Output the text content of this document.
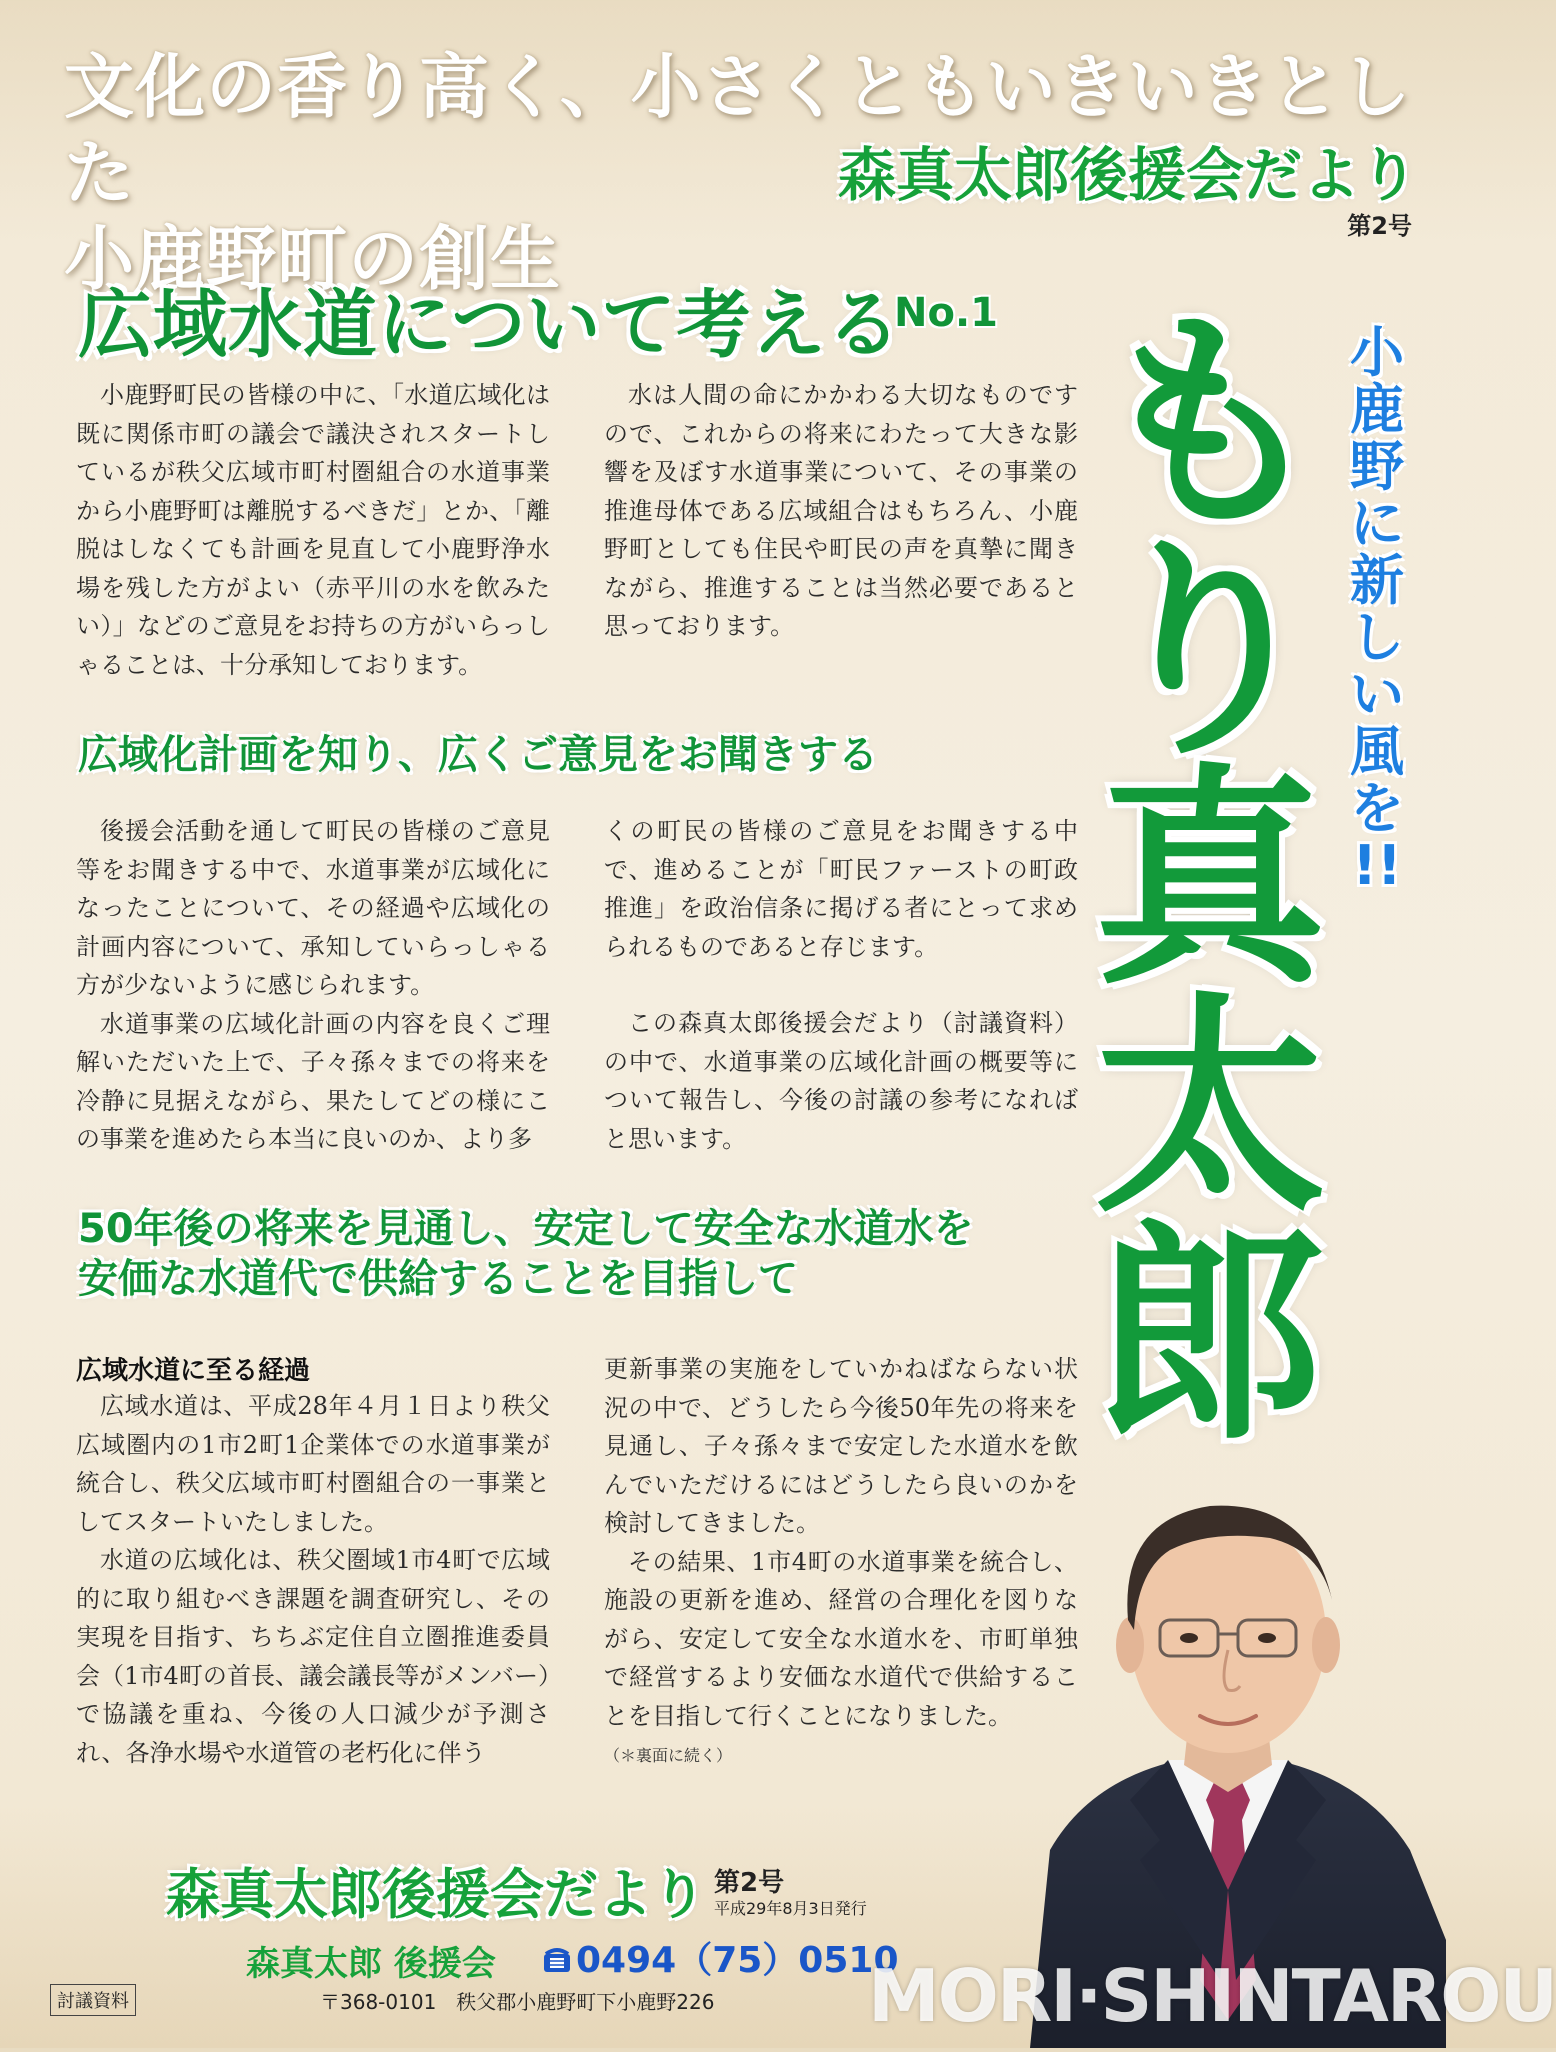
文化の香り高く、小さくともいきいきとした
小鹿野町の創生
森真太郎後援会だより
第2号
広域水道について考える
No.1
小鹿野町民の皆様の中に、「水道広域化は既に関係市町の議会で議決されスタートしているが秩父広域市町村圏組合の水道事業から小鹿野町は離脱するべきだ」とか、「離脱はしなくても計画を見直して小鹿野浄水場を残した方がよい（赤平川の水を飲みたい）」などのご意見をお持ちの方がいらっしゃることは、十分承知しております。
水は人間の命にかかわる大切なものですので、これからの将来にわたって大きな影響を及ぼす水道事業について、その事業の推進母体である広域組合はもちろん、小鹿野町としても住民や町民の声を真摯に聞きながら、推進することは当然必要であると思っております。
広域化計画を知り、広くご意見をお聞きする
後援会活動を通して町民の皆様のご意見等をお聞きする中で、水道事業が広域化になったことについて、その経過や広域化の計画内容について、承知していらっしゃる方が少ないように感じられます。
水道事業の広域化計画の内容を良くご理解いただいた上で、子々孫々までの将来を冷静に見据えながら、果たしてどの様にこの事業を進めたら本当に良いのか、より多
くの町民の皆様のご意見をお聞きする中で、進めることが「町民ファーストの町政推進」を政治信条に掲げる者にとって求められるものであると存じます。
この森真太郎後援会だより（討議資料）の中で、水道事業の広域化計画の概要等について報告し、今後の討議の参考になればと思います。
50年後の将来を見通し、安定して安全な水道水を
安価な水道代で供給することを目指して
広域水道に至る経過
広域水道は、平成28年４月１日より秩父広域圏内の1市2町1企業体での水道事業が統合し、秩父広域市町村圏組合の一事業としてスタートいたしました。
水道の広域化は、秩父圏域1市4町で広域的に取り組むべき課題を調査研究し、その実現を目指す、ちちぶ定住自立圏推進委員会（1市4町の首長、議会議長等がメンバー）で協議を重ね、今後の人口減少が予測され、各浄水場や水道管の老朽化に伴う
更新事業の実施をしていかねばならない状況の中で、どうしたら今後50年先の将来を見通し、子々孫々まで安定した水道水を飲んでいただけるにはどうしたら良いのかを検討してきました。
その結果、1市4町の水道事業を統合し、施設の更新を進め、経営の合理化を図りながら、安定して安全な水道水を、市町単独で経営するより安価な水道代で供給することを目指して行くことになりました。
（＊裏面に続く）
も
り
真
太
郎
小
鹿
野
に
新
し
い
風
を
!!
森真太郎後援会だより 第2号
平成29年8月3日発行
森真太郎 後援会	0494（75）0510
〒368-0101　秩父郡小鹿野町下小鹿野226
討議資料	MORI·SHINTAROU
